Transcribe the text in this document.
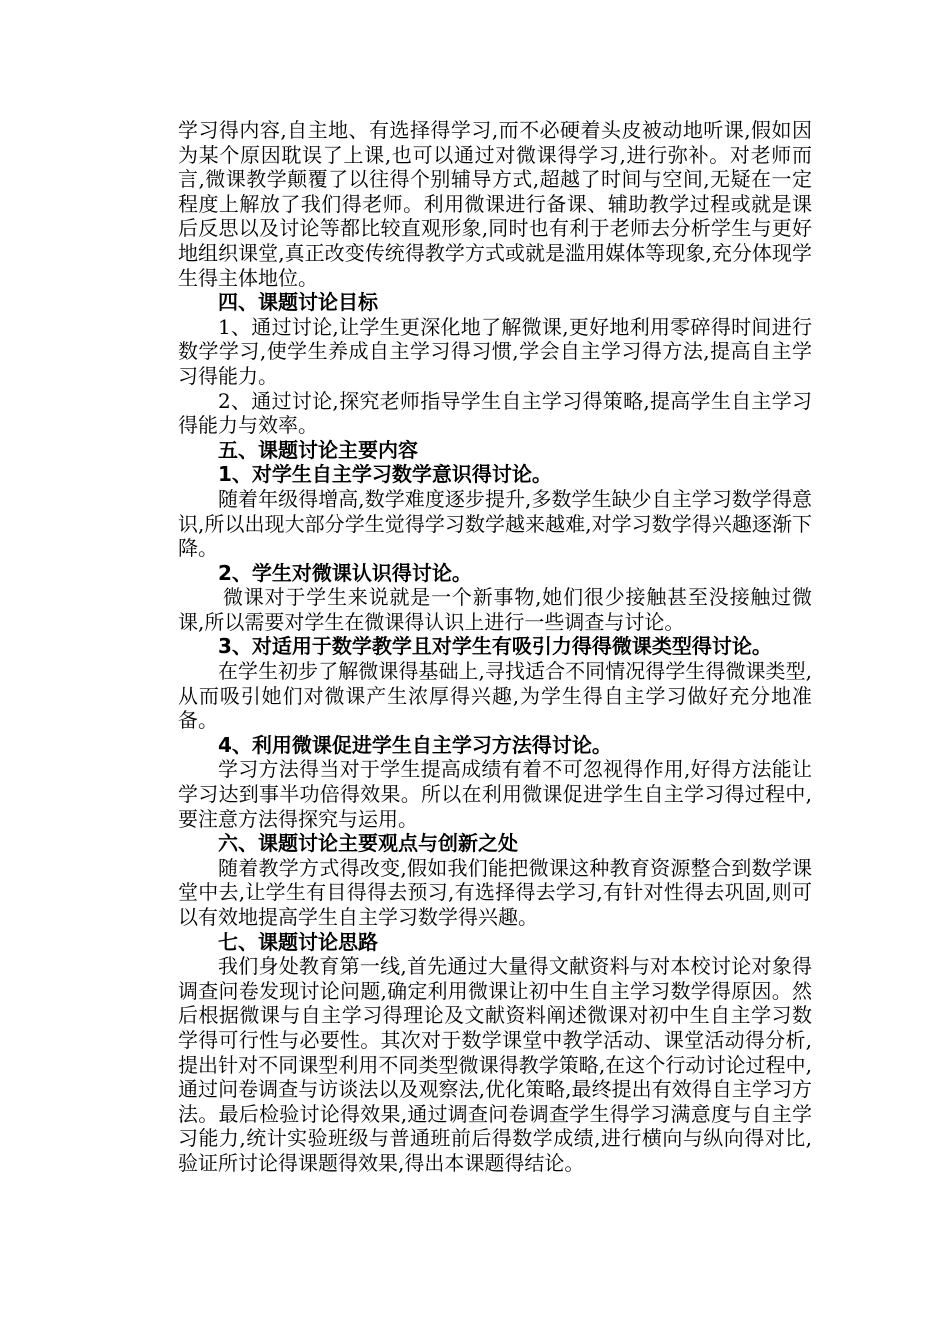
学习得内容,自主地、有选择得学习,而不必硬着头皮被动地听课,假如因为某个原因耽误了上课,也可以通过对微课得学习,进行弥补。对老师而言,微课教学颠覆了以往得个别辅导方式,超越了时间与空间,无疑在一定程度上解放了我们得老师。利用微课进行备课、辅助教学过程或就是课后反思以及讨论等都比较直观形象,同时也有利于老师去分析学生与更好地组织课堂,真正改变传统得教学方式或就是滥用媒体等现象,充分体现学生得主体地位。

四、课题讨论目标

1、通过讨论,让学生更深化地了解微课,更好地利用零碎得时间进行数学学习,使学生养成自主学习得习惯,学会自主学习得方法,提高自主学习得能力。

2、通过讨论,探究老师指导学生自主学习得策略,提高学生自主学习得能力与效率。

五、课题讨论主要内容

1、对学生自主学习数学意识得讨论。

随着年级得增高,数学难度逐步提升,多数学生缺少自主学习数学得意识,所以出现大部分学生觉得学习数学越来越难,对学习数学得兴趣逐渐下降。

2、学生对微课认识得讨论。

微课对于学生来说就是一个新事物,她们很少接触甚至没接触过微课,所以需要对学生在微课得认识上进行一些调查与讨论。

3、对适用于数学教学且对学生有吸引力得得微课类型得讨论。

在学生初步了解微课得基础上,寻找适合不同情况得学生得微课类型,从而吸引她们对微课产生浓厚得兴趣,为学生得自主学习做好充分地准备。

4、利用微课促进学生自主学习方法得讨论。

学习方法得当对于学生提高成绩有着不可忽视得作用,好得方法能让学习达到事半功倍得效果。所以在利用微课促进学生自主学习得过程中,要注意方法得探究与运用。

六、课题讨论主要观点与创新之处

随着教学方式得改变,假如我们能把微课这种教育资源整合到数学课堂中去,让学生有目得得去预习,有选择得去学习,有针对性得去巩固,则可以有效地提高学生自主学习数学得兴趣。

七、课题讨论思路

我们身处教育第一线,首先通过大量得文献资料与对本校讨论对象得调查问卷发现讨论问题,确定利用微课让初中生自主学习数学得原因。然后根据微课与自主学习得理论及文献资料阐述微课对初中生自主学习数学得可行性与必要性。其次对于数学课堂中教学活动、课堂活动得分析,提出针对不同课型利用不同类型微课得教学策略,在这个行动讨论过程中,通过问卷调查与访谈法以及观察法,优化策略,最终提出有效得自主学习方法。最后检验讨论得效果,通过调查问卷调查学生得学习满意度与自主学习能力,统计实验班级与普通班前后得数学成绩,进行横向与纵向得对比,验证所讨论得课题得效果,得出本课题得结论。
